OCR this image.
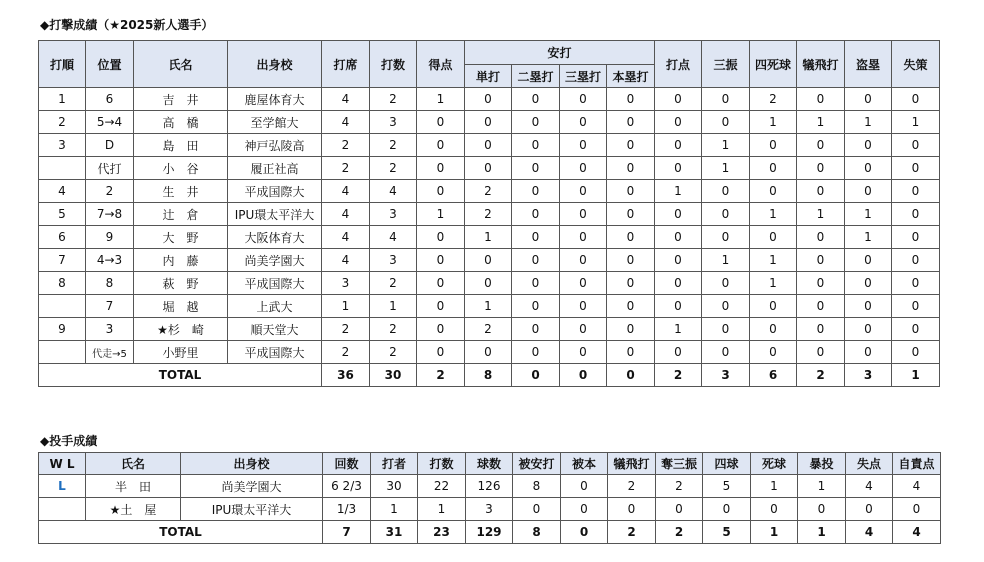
◆打撃成績（★2025新人選手）
打順	位置	氏名	出身校	打席	打数	得点	安打				打点	三振	四死球	犠飛打	盗塁	失策
							単打	二塁打	三塁打	本塁打						
1	6	吉　井	鹿屋体育大	4	2	1	0	0	0	0	0	0	2	0	0	0
2	5→4	高　橋	至学館大	4	3	0	0	0	0	0	0	0	1	1	1	1
3	D	島　田	神戸弘陵高	2	2	0	0	0	0	0	0	1	0	0	0	0
	代打	小　谷	履正社高	2	2	0	0	0	0	0	0	1	0	0	0	0
4	2	生　井	平成国際大	4	4	0	2	0	0	0	1	0	0	0	0	0
5	7→8	辻　倉	IPU環太平洋大	4	3	1	2	0	0	0	0	0	1	1	1	0
6	9	大　野	大阪体育大	4	4	0	1	0	0	0	0	0	0	0	1	0
7	4→3	内　藤	尚美学園大	4	3	0	0	0	0	0	0	1	1	0	0	0
8	8	萩　野	平成国際大	3	2	0	0	0	0	0	0	0	1	0	0	0
	7	堀　越	上武大	1	1	0	1	0	0	0	0	0	0	0	0	0
9	3	★杉　崎	順天堂大	2	2	0	2	0	0	0	1	0	0	0	0	0
	代走→5	小野里	平成国際大	2	2	0	0	0	0	0	0	0	0	0	0	0
TOTAL				36	30	2	8	0	0	0	2	3	6	2	3	1
◆投手成績
W L	氏名	出身校	回数	打者	打数	球数	被安打	被本	犠飛打	奪三振	四球	死球	暴投	失点	自責点
L	半　田	尚美学園大	6 2/3	30	22	126	8	0	2	2	5	1	1	4	4
	★土　屋	IPU環太平洋大	1/3	1	1	3	0	0	0	0	0	0	0	0	0
TOTAL			7	31	23	129	8	0	2	2	5	1	1	4	4
